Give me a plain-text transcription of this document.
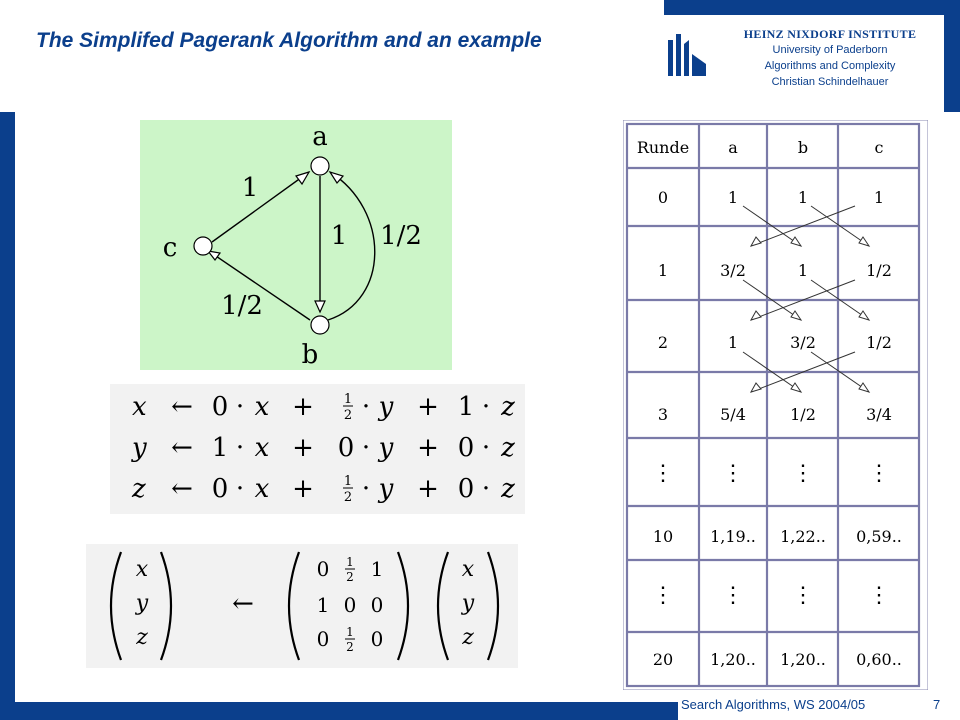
The Simplifed Pagerank Algorithm and an example	HEINZ NIXDORF INSTITUTE
University of Paderborn
Algorithms and Complexity
Christian Schindelhauer
a
b
c
1
1 1/2
1/2
x ← 0 · x + 1
2 · y + 1 · z
y ← 1 · x + 0 · y + 0 · z
z ← 0 · x + 1
2 · y + 0 · z
x
y
z
←
0 1
2 1
1 0 0
0 1
2 0
x
y
z
Runde a	b	c
0	1	1	1
1	3/2	1	1/2
2	1	3/2	1/2
3	5/4	1/2	3/4
⋮ ⋮ ⋮ ⋮
10 1,19.. 1,22.. 0,59..
⋮ ⋮ ⋮ ⋮
20 1,20.. 1,20.. 0,60..
Search Algorithms, WS 2004/05	7
